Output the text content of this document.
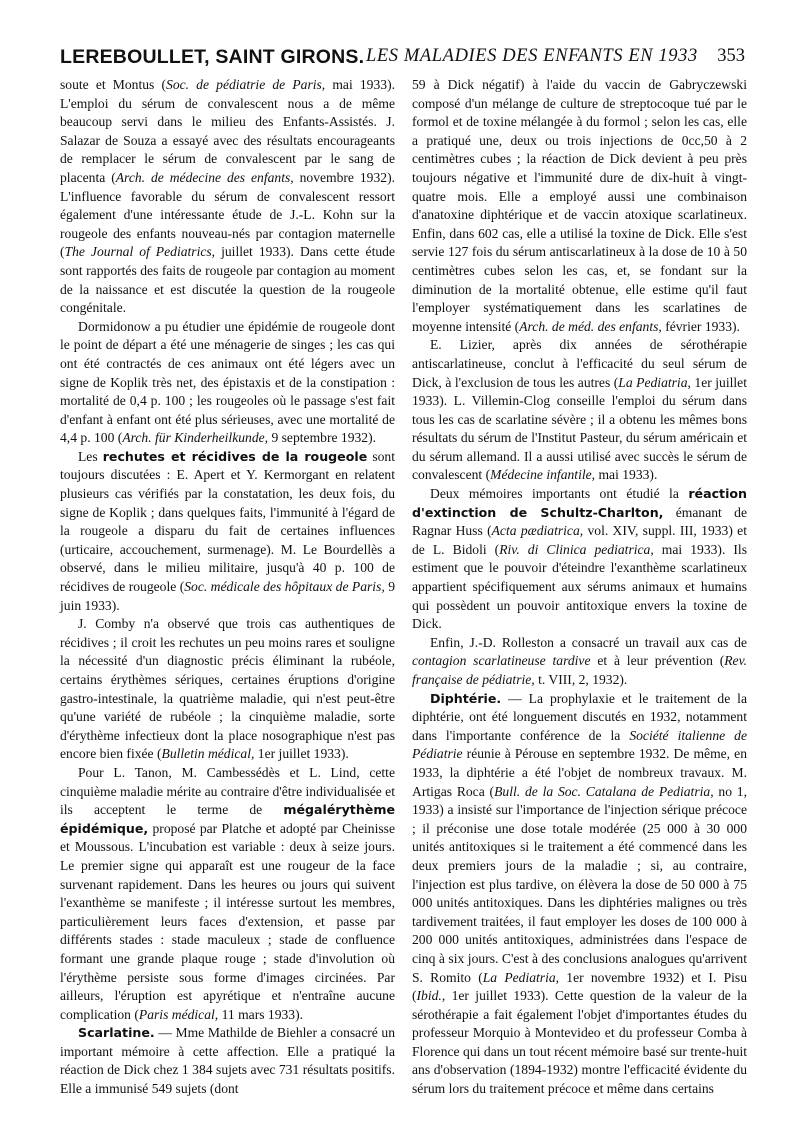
LEREBOULLET, SAINT GIRONS. LES MALADIES DES ENFANTS EN 1933 353

soute et Montus (Soc. de pédiatrie de Paris, mai 1933). L'emploi du sérum de convalescent nous a de même beaucoup servi dans le milieu des Enfants-Assistés. J. Salazar de Souza a essayé avec des résultats encourageants de remplacer le sérum de convalescent par le sang de placenta (Arch. de médecine des enfants, novembre 1932). L'influence favorable du sérum de convalescent ressort également d'une intéressante étude de J.-L. Kohn sur la rougeole des enfants nouveau-nés par contagion maternelle (The Journal of Pediatrics, juillet 1933). Dans cette étude sont rapportés des faits de rougeole par contagion au moment de la naissance et est discutée la question de la rougeole congénitale.

Dormidonow a pu étudier une épidémie de rougeole dont le point de départ a été une ménagerie de singes ; les cas qui ont été contractés de ces animaux ont été légers avec un signe de Koplik très net, des épistaxis et de la constipation : mortalité de 0,4 p. 100 ; les rougeoles où le passage s'est fait d'enfant à enfant ont été plus sérieuses, avec une mortalité de 4,4 p. 100 (Arch. für Kinderheilkunde, 9 septembre 1932).

Les rechutes et récidives de la rougeole sont toujours discutées : E. Apert et Y. Kermorgant en relatent plusieurs cas vérifiés par la constatation, les deux fois, du signe de Koplik ; dans quelques faits, l'immunité à l'égard de la rougeole a disparu du fait de certaines influences (urticaire, accouchement, surmenage). M. Le Bourdellès a observé, dans le milieu militaire, jusqu'à 40 p. 100 de récidives de rougeole (Soc. médicale des hôpitaux de Paris, 9 juin 1933).

J. Comby n'a observé que trois cas authentiques de récidives ; il croit les rechutes un peu moins rares et souligne la nécessité d'un diagnostic précis éliminant la rubéole, certains érythèmes sériques, certaines éruptions d'origine gastro-intestinale, la quatrième maladie, qui n'est peut-être qu'une variété de rubéole ; la cinquième maladie, sorte d'érythème infectieux dont la place nosographique n'est pas encore bien fixée (Bulletin médical, 1er juillet 1933).

Pour L. Tanon, M. Cambessédès et L. Lind, cette cinquième maladie mérite au contraire d'être individualisée et ils acceptent le terme de mégalérythème épidémique, proposé par Platche et adopté par Cheinisse et Moussous. L'incubation est variable : deux à seize jours. Le premier signe qui apparaît est une rougeur de la face survenant rapidement. Dans les heures ou jours qui suivent l'exanthème se manifeste ; il intéresse surtout les membres, particulièrement leurs faces d'extension, et passe par différents stades : stade maculeux ; stade de confluence formant une grande plaque rouge ; stade d'involution où l'érythème persiste sous forme d'images circinées. Par ailleurs, l'éruption est apyrétique et n'entraîne aucune complication (Paris médical, 11 mars 1933).

Scarlatine. — Mme Mathilde de Biehler a consacré un important mémoire à cette affection. Elle a pratiqué la réaction de Dick chez 1 384 sujets avec 731 résultats positifs. Elle a immunisé 549 sujets (dont

59 à Dick négatif) à l'aide du vaccin de Gabryczewski composé d'un mélange de culture de streptocoque tué par le formol et de toxine mélangée à du formol ; selon les cas, elle a pratiqué une, deux ou trois injections de 0cc,50 à 2 centimètres cubes ; la réaction de Dick devient à peu près toujours négative et l'immunité dure de dix-huit à vingt-quatre mois. Elle a employé aussi une combinaison d'anatoxine diphtérique et de vaccin atoxique scarlatineux. Enfin, dans 602 cas, elle a utilisé la toxine de Dick. Elle s'est servie 127 fois du sérum antiscarlatineux à la dose de 10 à 50 centimètres cubes selon les cas, et, se fondant sur la diminution de la mortalité obtenue, elle estime qu'il faut l'employer systématiquement dans les scarlatines de moyenne intensité (Arch. de méd. des enfants, février 1933).

E. Lizier, après dix années de sérothérapie antiscarlatineuse, conclut à l'efficacité du seul sérum de Dick, à l'exclusion de tous les autres (La Pediatria, 1er juillet 1933). L. Villemin-Clog conseille l'emploi du sérum dans tous les cas de scarlatine sévère ; il a obtenu les mêmes bons résultats du sérum de l'Institut Pasteur, du sérum américain et du sérum allemand. Il a aussi utilisé avec succès le sérum de convalescent (Médecine infantile, mai 1933).

Deux mémoires importants ont étudié la réaction d'extinction de Schultz-Charlton, émanant de Ragnar Huss (Acta pædiatrica, vol. XIV, suppl. III, 1933) et de L. Bidoli (Riv. di Clinica pediatrica, mai 1933). Ils estiment que le pouvoir d'éteindre l'exanthème scarlatineux appartient spécifiquement aux sérums animaux et humains qui possèdent un pouvoir antitoxique envers la toxine de Dick.

Enfin, J.-D. Rolleston a consacré un travail aux cas de contagion scarlatineuse tardive et à leur prévention (Rev. française de pédiatrie, t. VIII, 2, 1932).

Diphtérie. — La prophylaxie et le traitement de la diphtérie, ont été longuement discutés en 1932, notamment dans l'importante conférence de la Société italienne de Pédiatrie réunie à Pérouse en septembre 1932. De même, en 1933, la diphtérie a été l'objet de nombreux travaux. M. Artigas Roca (Bull. de la Soc. Catalana de Pediatria, no 1, 1933) a insisté sur l'importance de l'injection sérique précoce ; il préconise une dose totale modérée (25 000 à 30 000 unités antitoxiques si le traitement a été commencé dans les deux premiers jours de la maladie ; si, au contraire, l'injection est plus tardive, on élèvera la dose de 50 000 à 75 000 unités antitoxiques. Dans les diphtéries malignes ou très tardivement traitées, il faut employer les doses de 100 000 à 200 000 unités antitoxiques, administrées dans l'espace de cinq à six jours. C'est à des conclusions analogues qu'arrivent S. Romito (La Pediatria, 1er novembre 1932) et I. Pisu (Ibid., 1er juillet 1933). Cette question de la valeur de la sérothérapie a fait également l'objet d'importantes études du professeur Morquio à Montevideo et du professeur Comba à Florence qui dans un tout récent mémoire basé sur trente-huit ans d'observation (1894-1932) montre l'efficacité évidente du sérum lors du traitement précoce et même dans certains
